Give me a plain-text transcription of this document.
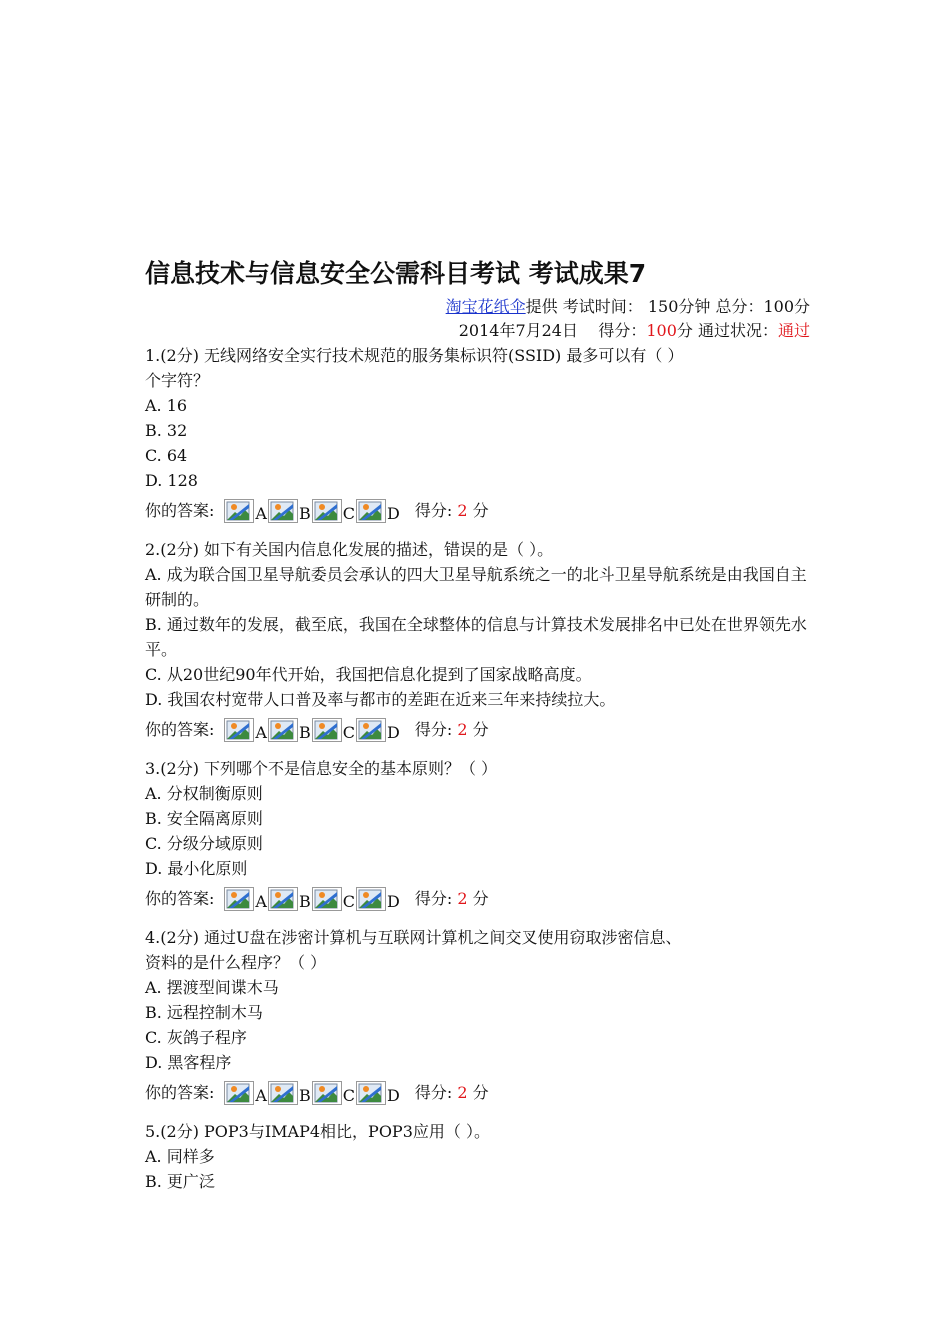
信息技术与信息安全公需科目考试 考试成果7
淘宝花纸伞提供 考试时间： 150分钟 总分：100分
2014年7月24日 得分：100分 通过状况：通过
1.(2分) 无线网络安全实行技术规范的服务集标识符(SSID) 最多可以有（ ）
个字符？
A. 16
B. 32
C. 64
D. 128
你的答案:	A B C D 得分: 2 分
2.(2分) 如下有关国内信息化发展的描述，错误的是（ ）。
A. 成为联合国卫星导航委员会承认的四大卫星导航系统之一的北斗卫星导航系统是由我国自主研制的。
B. 通过数年的发展，截至底，我国在全球整体的信息与计算技术发展排名中已处在世界领先水平。
C. 从20世纪90年代开始，我国把信息化提到了国家战略高度。
D. 我国农村宽带人口普及率与都市的差距在近来三年来持续拉大。
你的答案:	A B C D 得分: 2 分
3.(2分) 下列哪个不是信息安全的基本原则？（ ）
A. 分权制衡原则
B. 安全隔离原则
C. 分级分域原则
D. 最小化原则
你的答案:	A B C D 得分: 2 分
4.(2分) 通过U盘在涉密计算机与互联网计算机之间交叉使用窃取涉密信息、
资料的是什么程序？（ ）
A. 摆渡型间谍木马
B. 远程控制木马
C. 灰鸽子程序
D. 黑客程序
你的答案:	A B C D 得分: 2 分
5.(2分) POP3与IMAP4相比，POP3应用（ ）。
A. 同样多
B. 更广泛
